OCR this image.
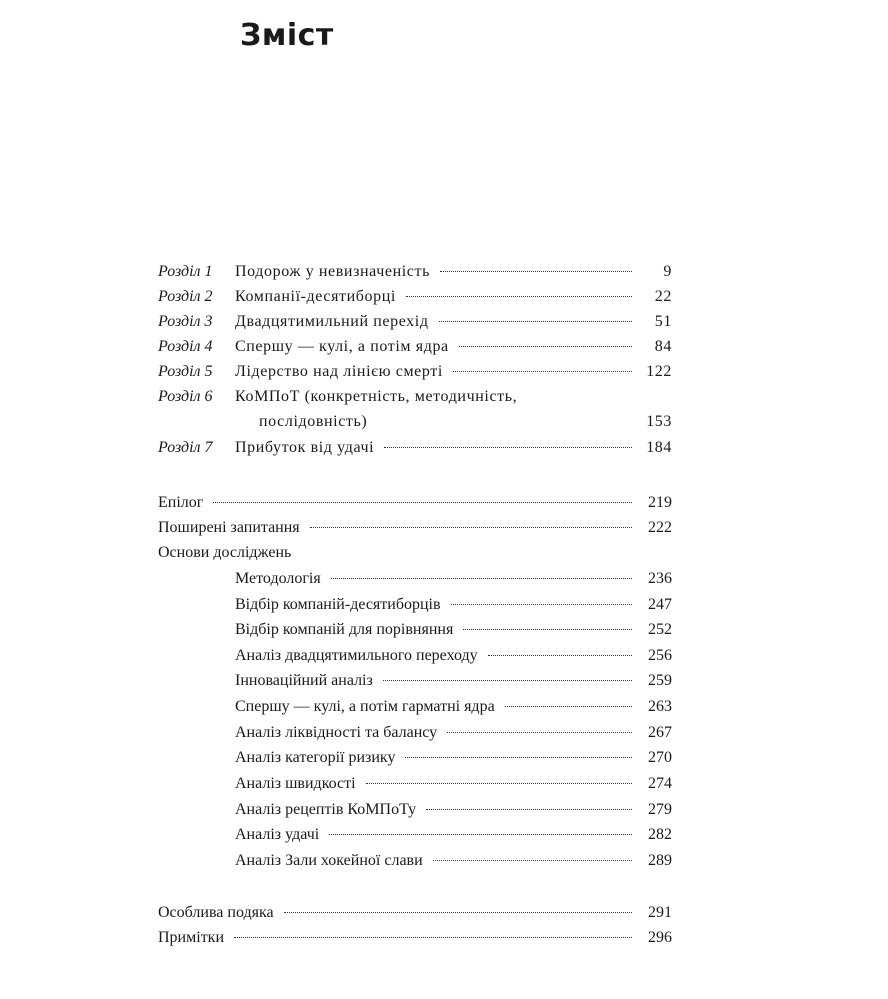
Зміст
Розділ 1 Подорож у невизначеність	9
Розділ 2 Компанії-десятиборці	22
Розділ 3 Двадцятимильний перехід	51
Розділ 4 Спершу — кулі, а потім ядра	84
Розділ 5 Лідерство над лінією смерті	122
Розділ 6 КоМПоТ (конкретність, методичність,
послідовність)	153
Розділ 7 Прибуток від удачі	184
Епілог	219
Поширені запитання	222
Основи досліджень
Методологія	236
Відбір компаній-десятиборців	247
Відбір компаній для порівняння	252
Аналіз двадцятимильного переходу	256
Інноваційний аналіз	259
Спершу — кулі, а потім гарматні ядра	263
Аналіз ліквідності та балансу	267
Аналіз категорії ризику	270
Аналіз швидкості	274
Аналіз рецептів КоМПоТу	279
Аналіз удачі	282
Аналіз Зали хокейної слави	289
Особлива подяка	291
Примітки	296
